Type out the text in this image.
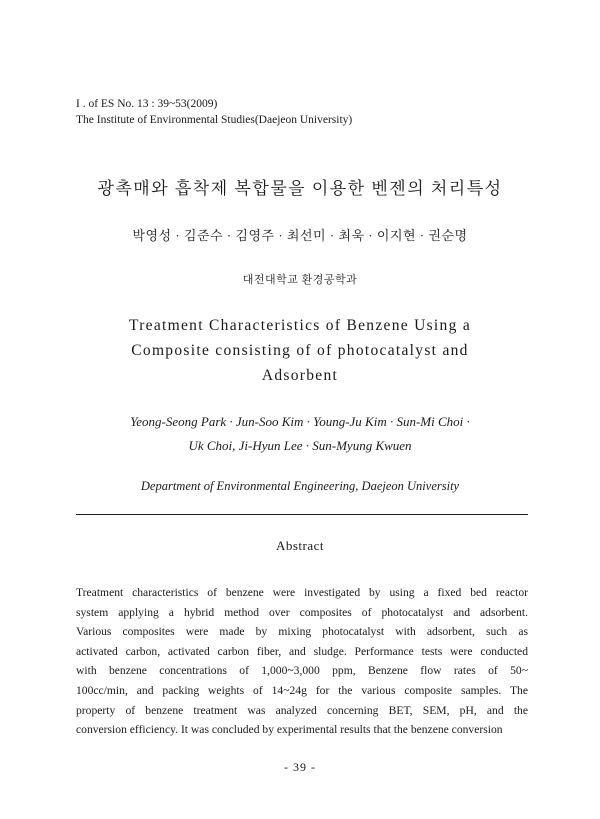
I . of ES No. 13 : 39~53(2009)
The Institute of Environmental Studies(Daejeon University)
광촉매와 흡착제 복합물을 이용한 벤젠의 처리특성
박영성 · 김준수 · 김영주 · 최선미 · 최욱 · 이지현 · 권순명
대전대학교 환경공학과
Treatment Characteristics of Benzene Using a
Composite consisting of of photocatalyst and
Adsorbent
Yeong-Seong Park · Jun-Soo Kim · Young-Ju Kim · Sun-Mi Choi ·
Uk Choi, Ji-Hyun Lee · Sun-Myung Kwuen
Department of Environmental Engineering, Daejeon University
Abstract
Treatment characteristics of benzene were investigated by using a fixed bed reactor
system applying a hybrid method over composites of photocatalyst and adsorbent.
Various composites were made by mixing photocatalyst with adsorbent, such as
activated carbon, activated carbon fiber, and sludge. Performance tests were conducted
with benzene concentrations of 1,000~3,000 ppm, Benzene flow rates of 50~
100cc/min, and packing weights of 14~24g for the various composite samples. The
property of benzene treatment was analyzed concerning BET, SEM, pH, and the
conversion efficiency. It was concluded by experimental results that the benzene conversion
- 39 -
